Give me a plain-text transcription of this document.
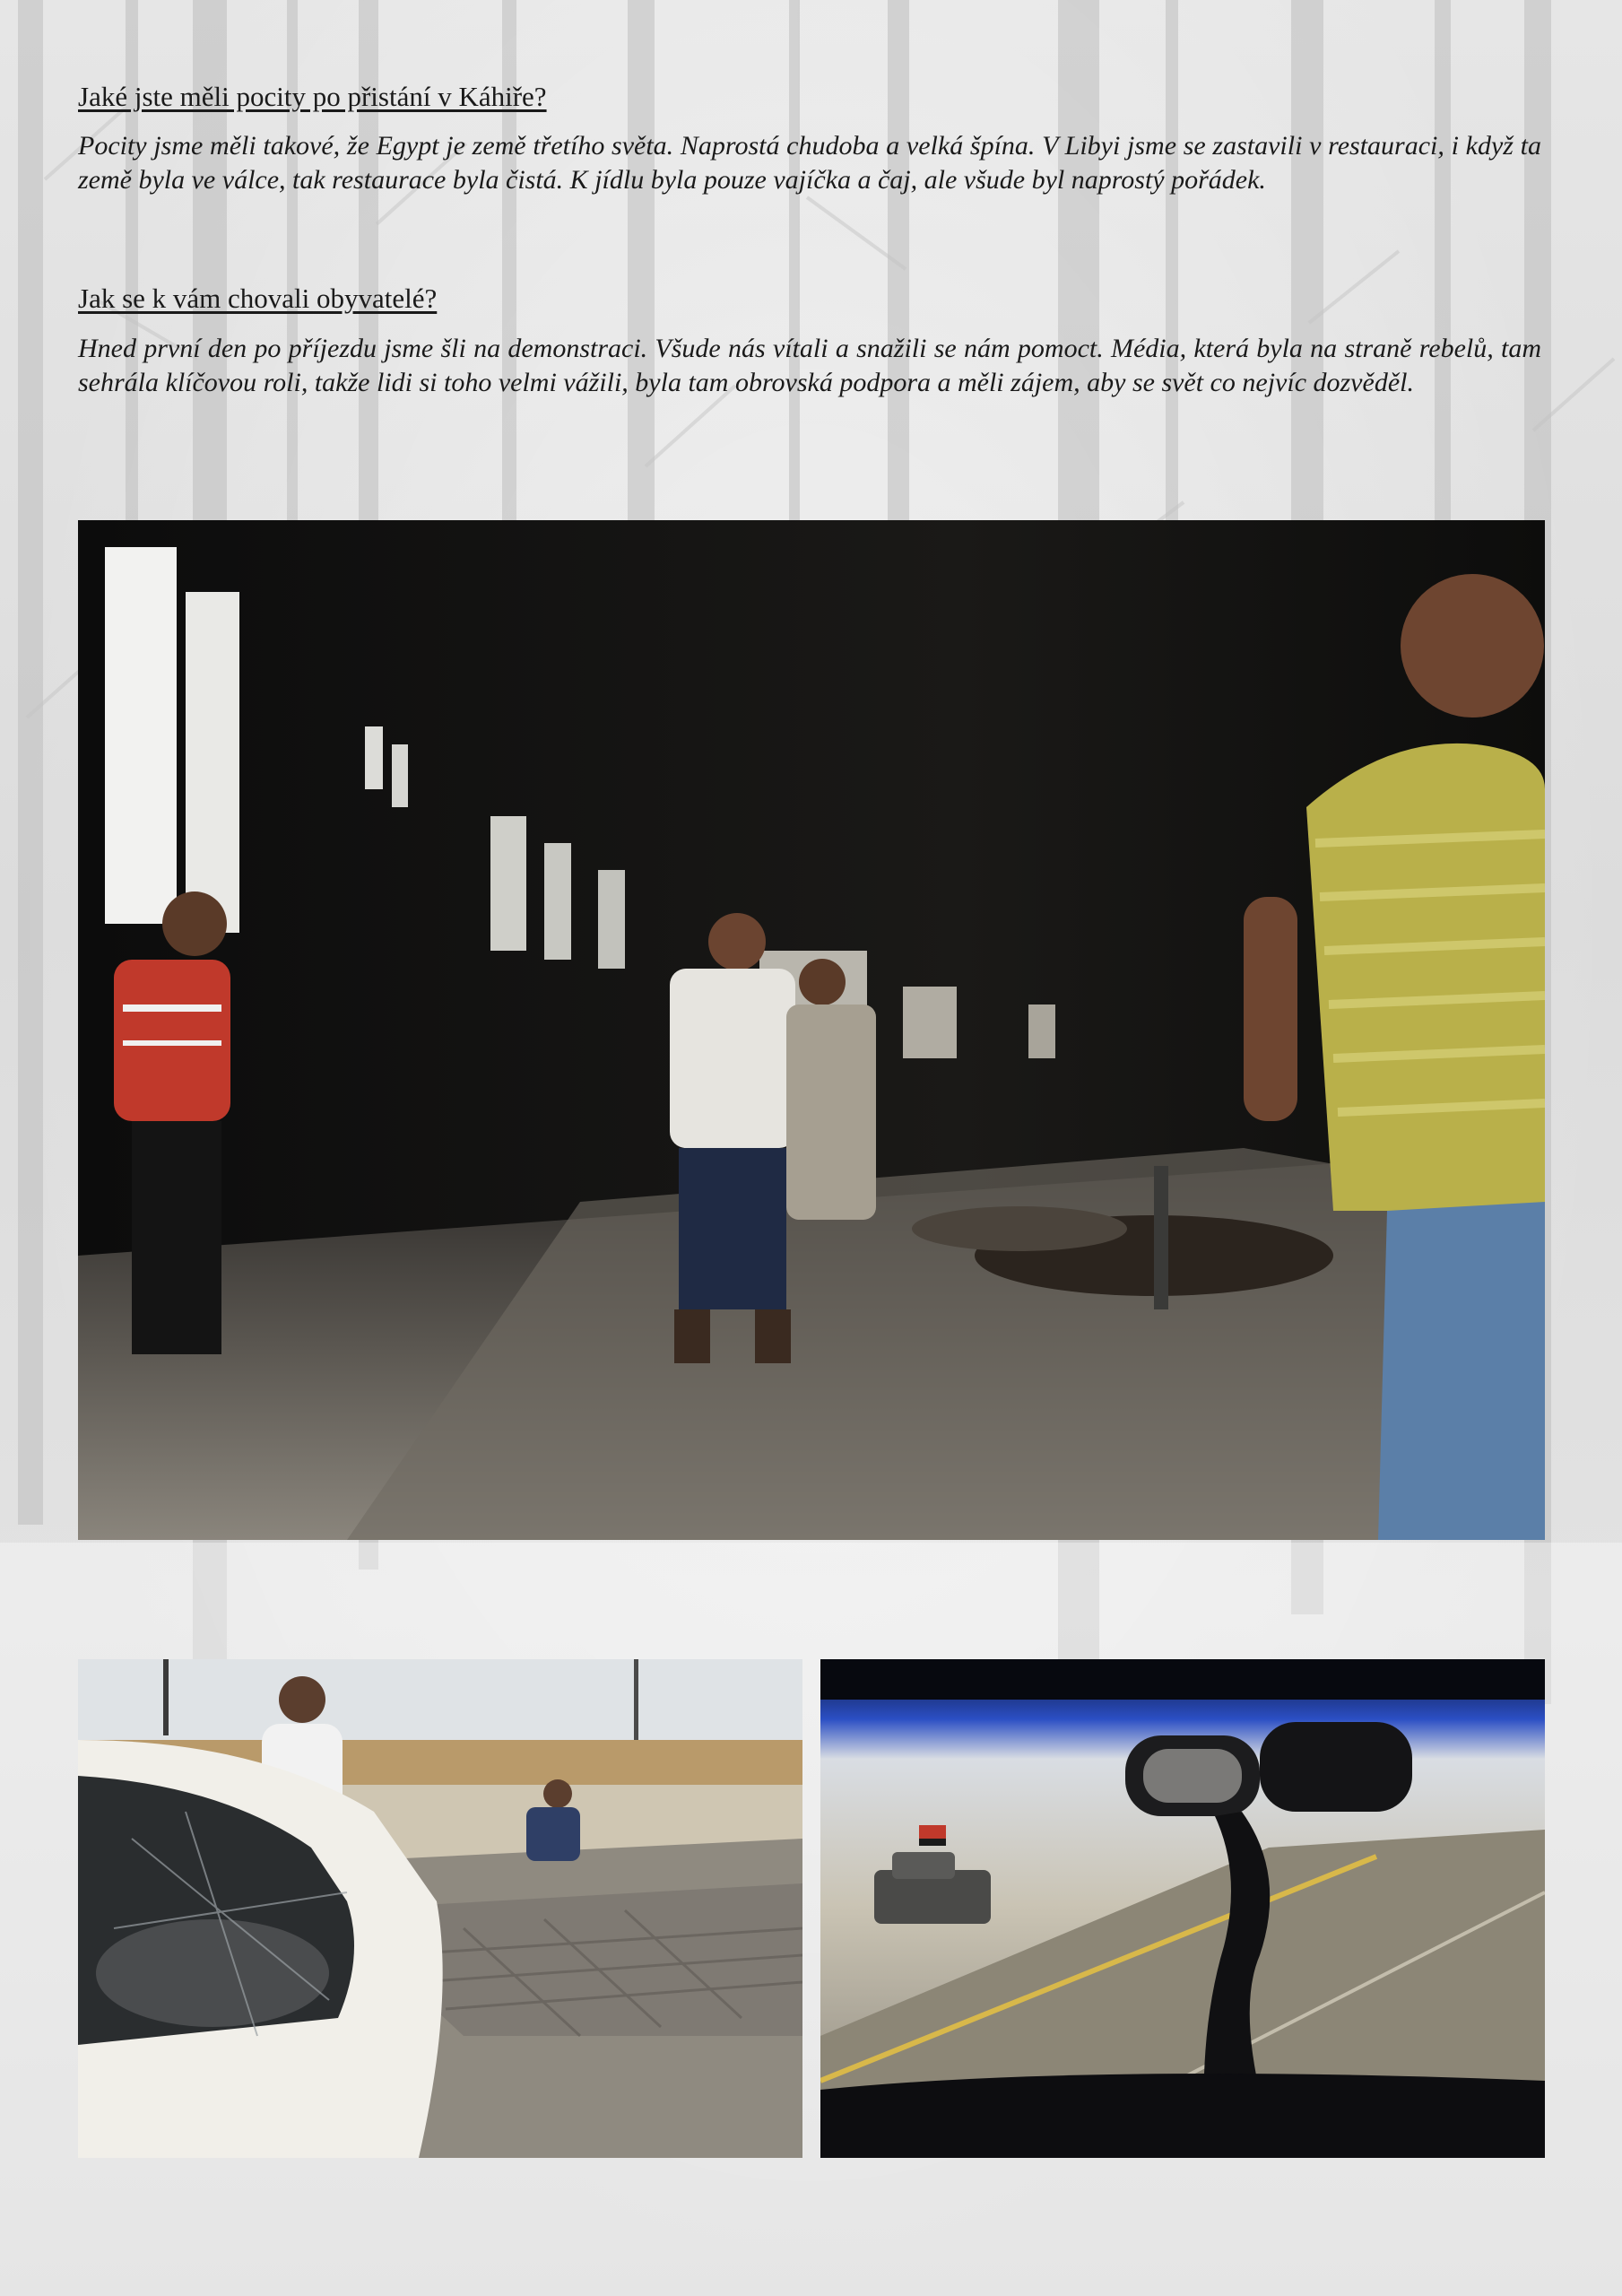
Jaké jste měli pocity po přistání v Káhiře?

Pocity jsme měli takové, že Egypt je země třetího světa. Naprostá chudoba a velká špína. V Libyi jsme se zastavili v restauraci, i když ta země byla ve válce, tak restaurace byla čistá. K jídlu byla pouze vajíčka a čaj, ale všude byl naprostý pořádek.

Jak se k vám chovali obyvatelé?

Hned první den po příjezdu jsme šli na demonstraci. Všude nás vítali a snažili se nám pomoct. Média, která byla na straně rebelů, tam sehrála klíčovou roli, takže lidi si toho velmi vážili, byla tam obrovská podpora a měli zájem, aby se svět co nejvíc dozvěděl.
